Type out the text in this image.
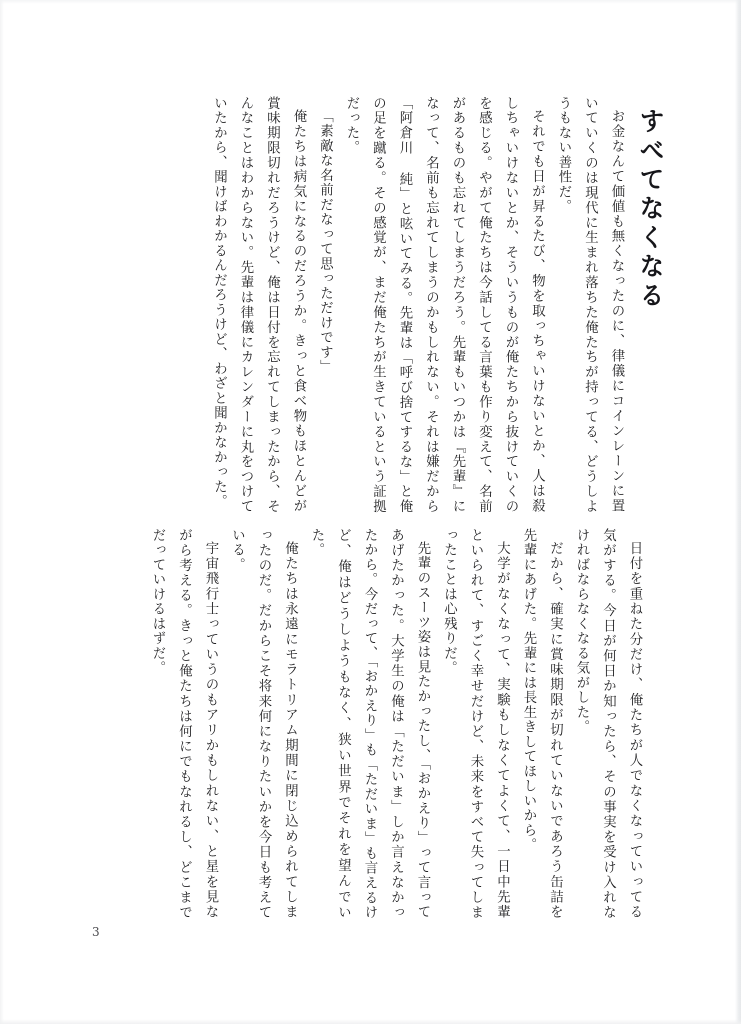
すべてなくなる

お金なんて価値も無くなったのに、律儀にコインレーンに置いていくのは現代に生まれ落ちた俺たちが持ってる、どうしようもない善性だ。

それでも日が昇るたび、物を取っちゃいけないとか、人は殺しちゃいけないとか、そういうものが俺たちから抜けていくのを感じる。やがて俺たちは今話してる言葉も作り変えて、名前があるものも忘れてしまうだろう。先輩もいつかは『先輩』になって、名前も忘れてしまうのかもしれない。それは嫌だから「阿倉川 純」と呟いてみる。先輩は「呼び捨てするな」と俺の足を蹴る。その感覚が、まだ俺たちが生きているという証拠だった。

「素敵な名前だなって思っただけです」

俺たちは病気になるのだろうか。きっと食べ物もほとんどが賞味期限切れだろうけど、俺は日付を忘れてしまったから、そんなことはわからない。先輩は律儀にカレンダーに丸をつけていたから、聞けばわかるんだろうけど、わざと聞かなかった。

日付を重ねた分だけ、俺たちが人でなくなっていってる気がする。今日が何日か知ったら、その事実を受け入れなければならなくなる気がした。

だから、確実に賞味期限が切れていないであろう缶詰を先輩にあげた。先輩には長生きしてほしいから。

大学がなくなって、実験もしなくてよくて、一日中先輩といられて、すごく幸せだけど、未来をすべて失ってしまったことは心残りだ。

先輩のスーツ姿は見たかったし、「おかえり」って言ってあげたかった。大学生の俺は「ただいま」しか言えなかったから。今だって、「おかえり」も「ただいま」も言えるけど、俺はどうしようもなく、狭い世界でそれを望んでいた。

俺たちは永遠にモラトリアム期間に閉じ込められてしまったのだ。だからこそ将来何になりたいかを今日も考えている。

宇宙飛行士っていうのもアリかもしれない、と星を見ながら考える。きっと俺たちは何にでもなれるし、どこまでだっていけるはずだ。

3
